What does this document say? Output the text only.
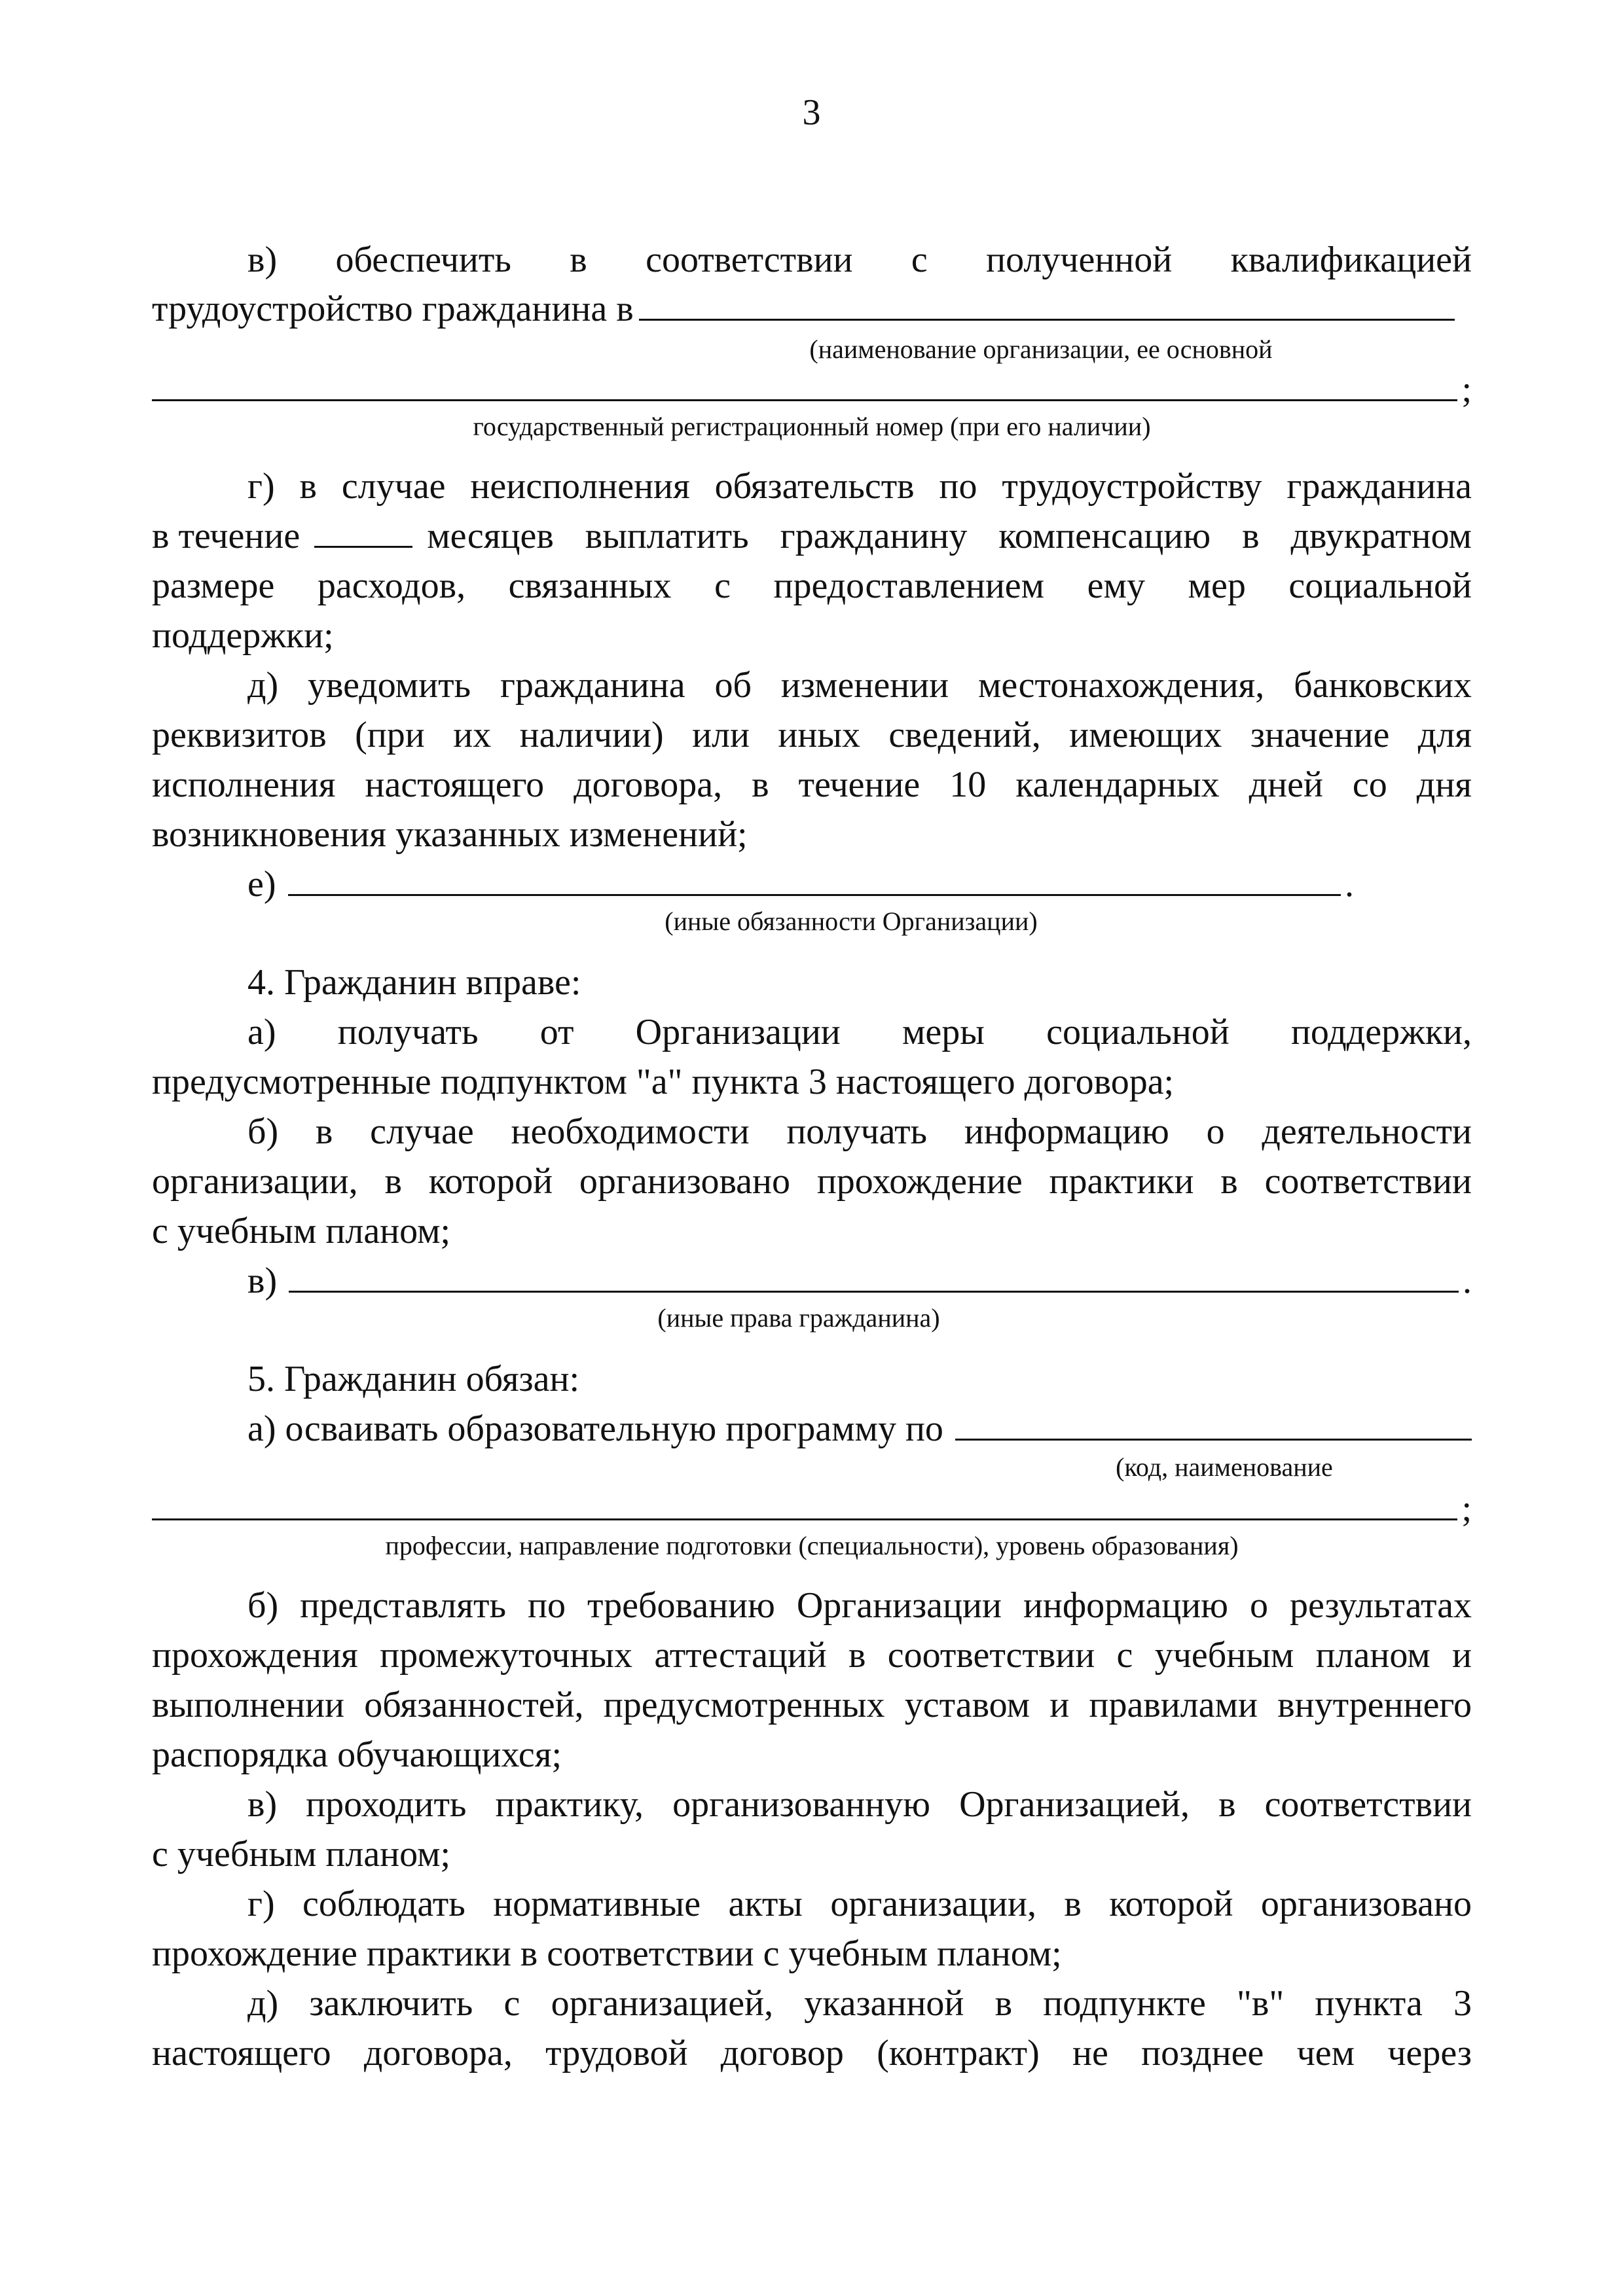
3
в) обеспечить в соответствии с полученной квалификацией
трудоустройство гражданина в
(наименование организации, ее основной
;
государственный регистрационный номер (при его наличии)
г) в случае неисполнения обязательств по трудоустройству гражданина
в течение	месяцев выплатить гражданину компенсацию в двукратном
размере расходов, связанных с предоставлением ему мер социальной
поддержки;
д) уведомить гражданина об изменении местонахождения, банковских
реквизитов (при их наличии) или иных сведений, имеющих значение для
исполнения настоящего договора, в течение 10 календарных дней со дня
возникновения указанных изменений;
е)	.
(иные обязанности Организации)
4. Гражданин вправе:
а) получать от Организации меры социальной поддержки,
предусмотренные подпунктом "а" пункта 3 настоящего договора;
б) в случае необходимости получать информацию о деятельности
организации, в которой организовано прохождение практики в соответствии
с учебным планом;
в)	.
(иные права гражданина)
5. Гражданин обязан:
а) осваивать образовательную программу по
(код, наименование
;
профессии, направление подготовки (специальности), уровень образования)
б) представлять по требованию Организации информацию о результатах
прохождения промежуточных аттестаций в соответствии с учебным планом и
выполнении обязанностей, предусмотренных уставом и правилами внутреннего
распорядка обучающихся;
в) проходить практику, организованную Организацией, в соответствии
с учебным планом;
г) соблюдать нормативные акты организации, в которой организовано
прохождение практики в соответствии с учебным планом;
д) заключить с организацией, указанной в подпункте "в" пункта 3
настоящего договора, трудовой договор (контракт) не позднее чем через
